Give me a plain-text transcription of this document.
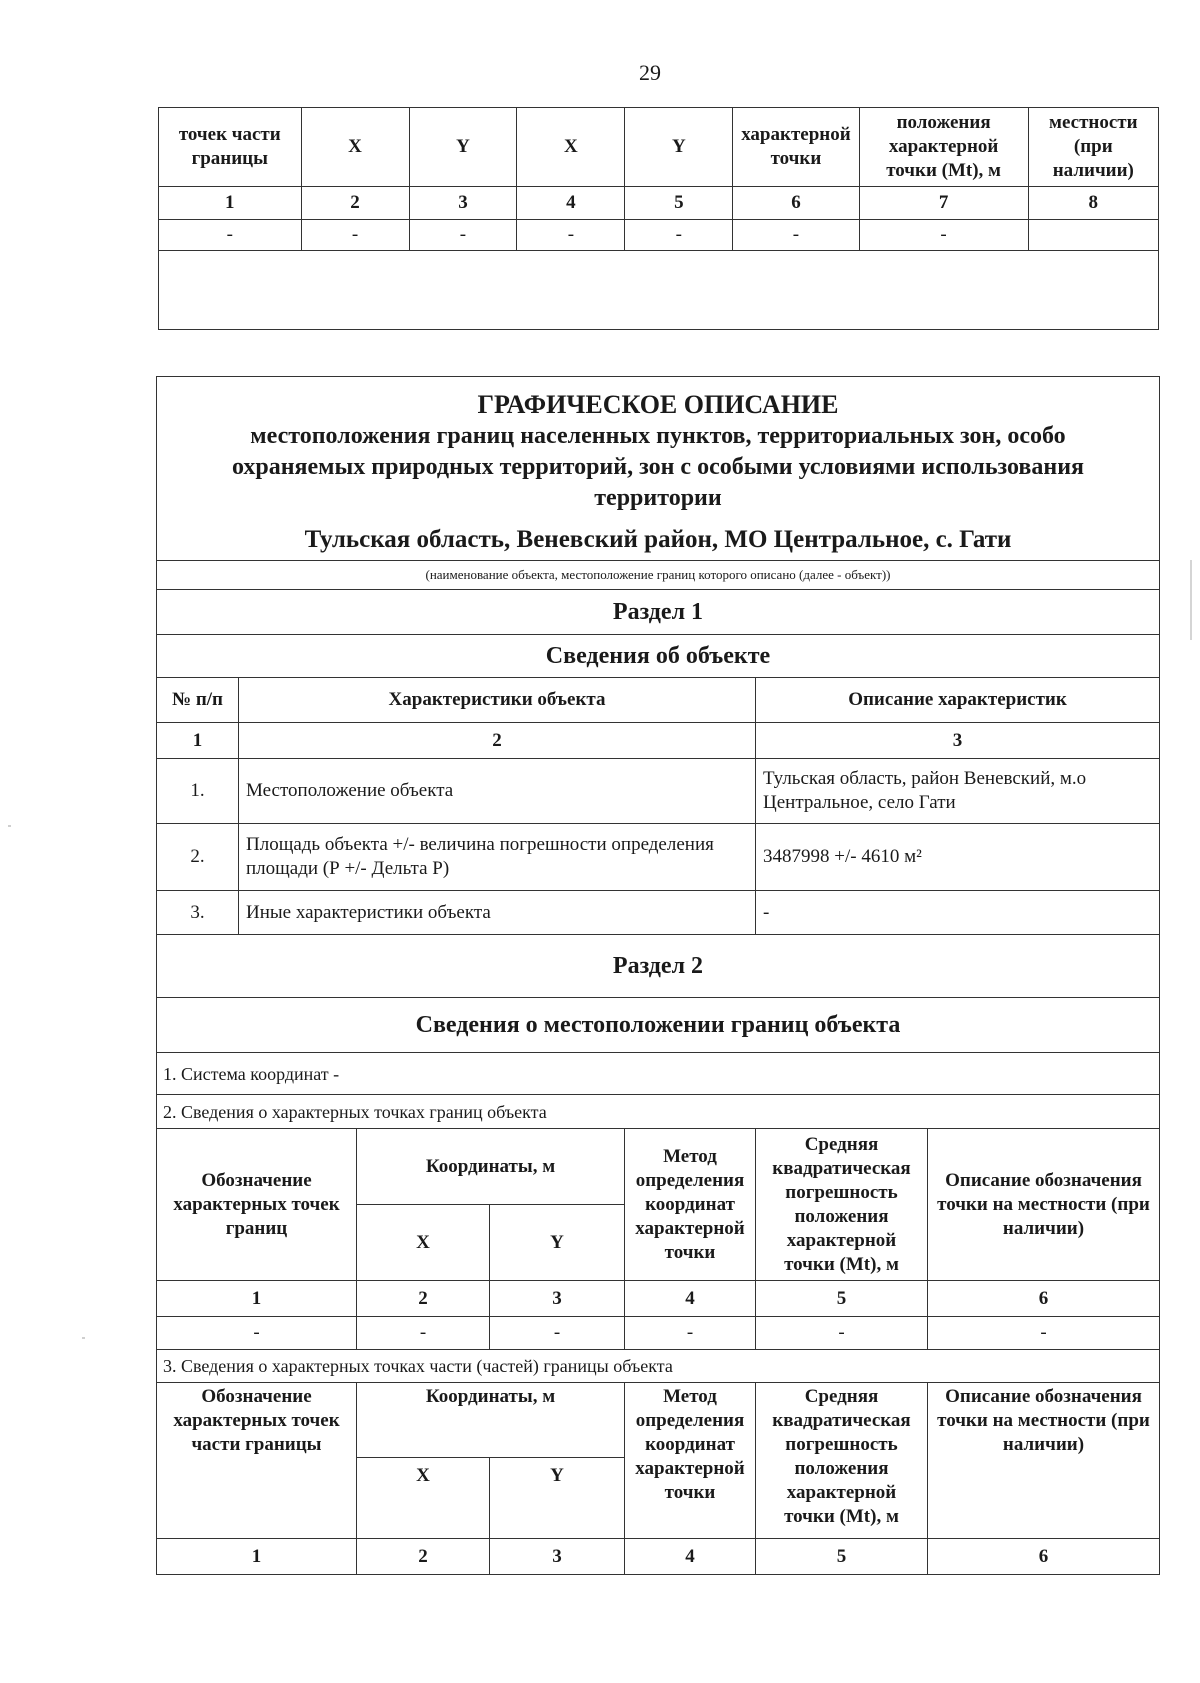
29
точек части границы	X	Y	X	Y	характерной точки	положения характерной точки (Mt), м	местности (при наличии)
1	2	3	4	5	6	7	8
-	-	-	-	-	-	-	

ГРАФИЧЕСКОЕ ОПИСАНИЕ
местоположения границ населенных пунктов, территориальных зон, особо охраняемых природных территорий, зон с особыми условиями использования территории
Тульская область, Веневский район, МО Центральное, с. Гати						

(наименование объекта, местоположение границ которого описано (далее - объект))						
Раздел 1						
Сведения об объекте						
№ п/п	Характеристики объекта				Описание характеристик	
1	2				3	
1.	Местоположение объекта				Тульская область, район Веневский, м.о Центральное, село Гати	
2.	Площадь объекта +/- величина погрешности определения площади (Р +/- Дельта Р)				3487998 +/- 4610 м²	
3.	Иные характеристики объекта				-	
Раздел 2						
Сведения о местоположении границ объекта						
1. Система координат -						
2. Сведения о характерных точках границ объекта						
Обозначение характерных точек границ		Координаты, м		Метод определения координат характерной точки	Средняя квадратическая погрешность положения характерной точки (Mt), м	Описание обозначения точки на местности (при наличии)
		X	Y			
1		2	3	4	5	6
-		-	-	-	-	-
3. Сведения о характерных точках части (частей) границы объекта						
Обозначение характерных точек части границы		Координаты, м		Метод определения координат характерной точки	Средняя квадратическая погрешность положения характерной точки (Mt), м	Описание обозначения точки на местности (при наличии)
		X	Y			
1		2	3	4	5	6
